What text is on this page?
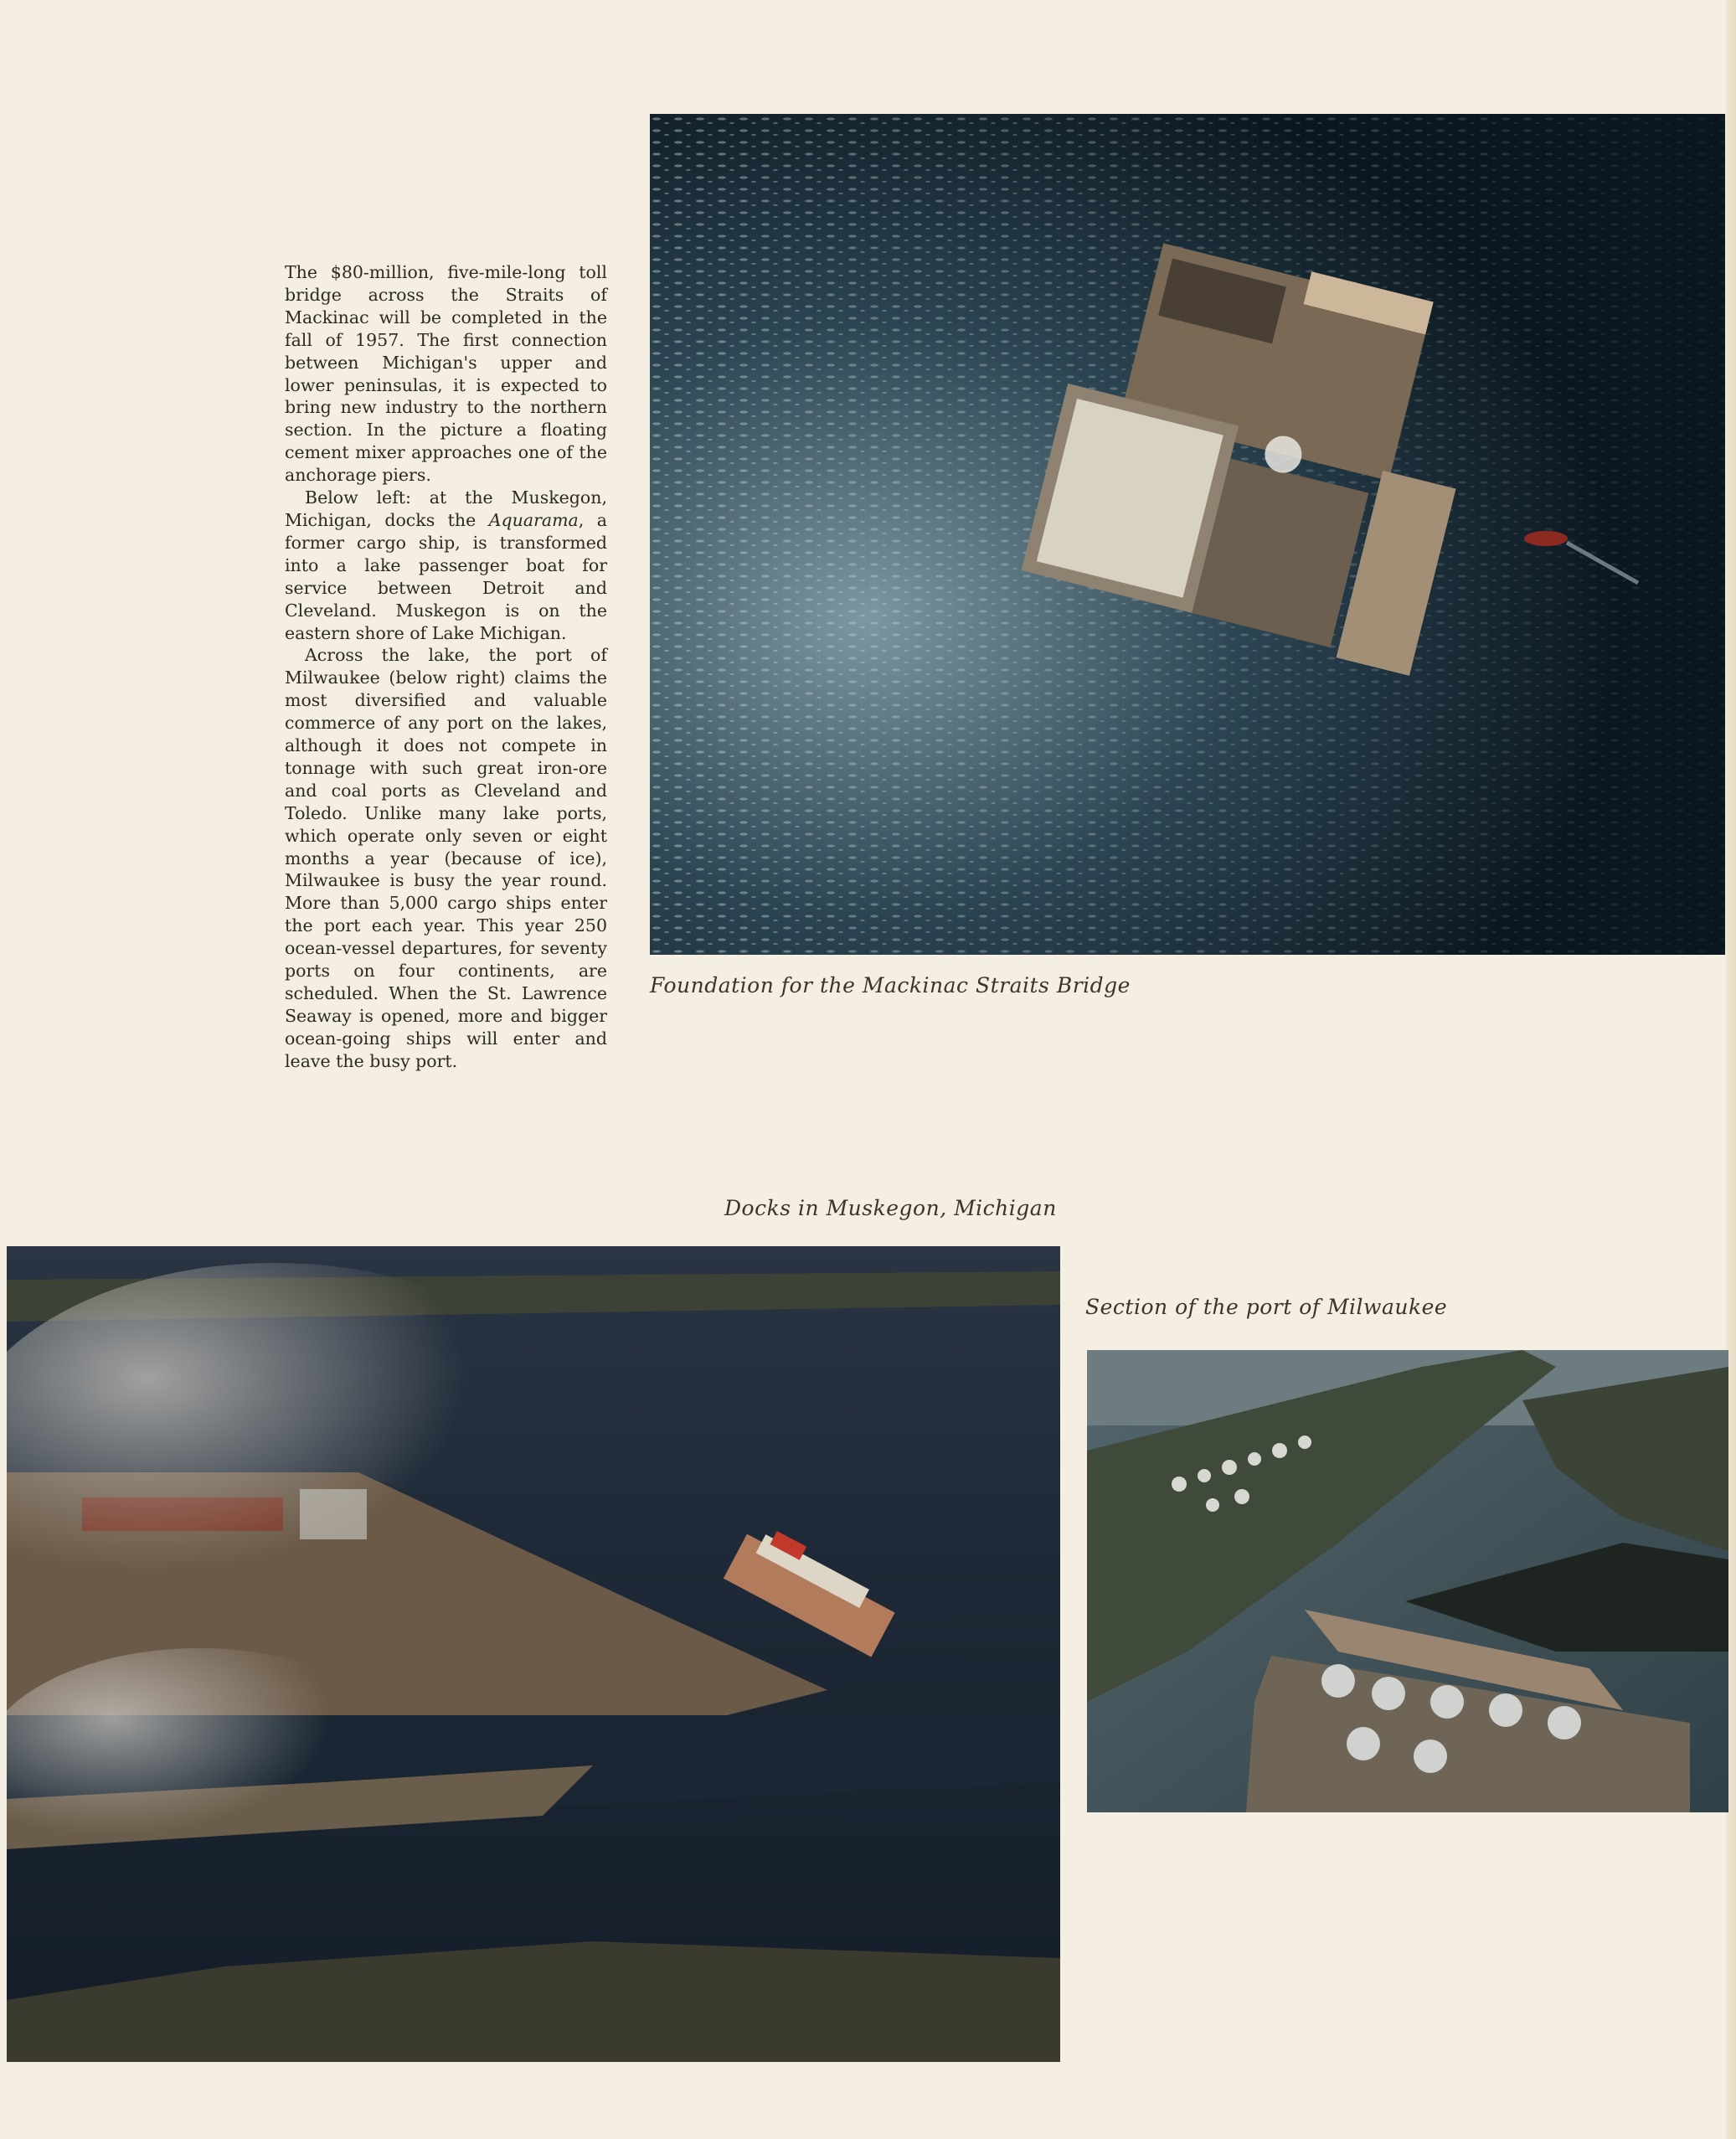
The $80-million, five-mile-long toll bridge across the Straits of Mackinac will be completed in the fall of 1957. The first connection between Michigan's upper and lower peninsulas, it is expected to bring new industry to the northern section. In the picture a floating cement mixer approaches one of the anchorage piers.

Below left: at the Muskegon, Michigan, docks the Aquarama, a former cargo ship, is transformed into a lake passenger boat for service between Detroit and Cleveland. Muskegon is on the eastern shore of Lake Michigan.

Across the lake, the port of Milwaukee (below right) claims the most diversified and valuable commerce of any port on the lakes, although it does not compete in tonnage with such great iron-ore and coal ports as Cleveland and Toledo. Unlike many lake ports, which operate only seven or eight months a year (because of ice), Milwaukee is busy the year round. More than 5,000 cargo ships enter the port each year. This year 250 ocean-vessel departures, for seventy ports on four continents, are scheduled. When the St. Lawrence Seaway is opened, more and bigger ocean-going ships will enter and leave the busy port.

Foundation for the Mackinac Straits Bridge
Docks in Muskegon, Michigan
Section of the port of Milwaukee
